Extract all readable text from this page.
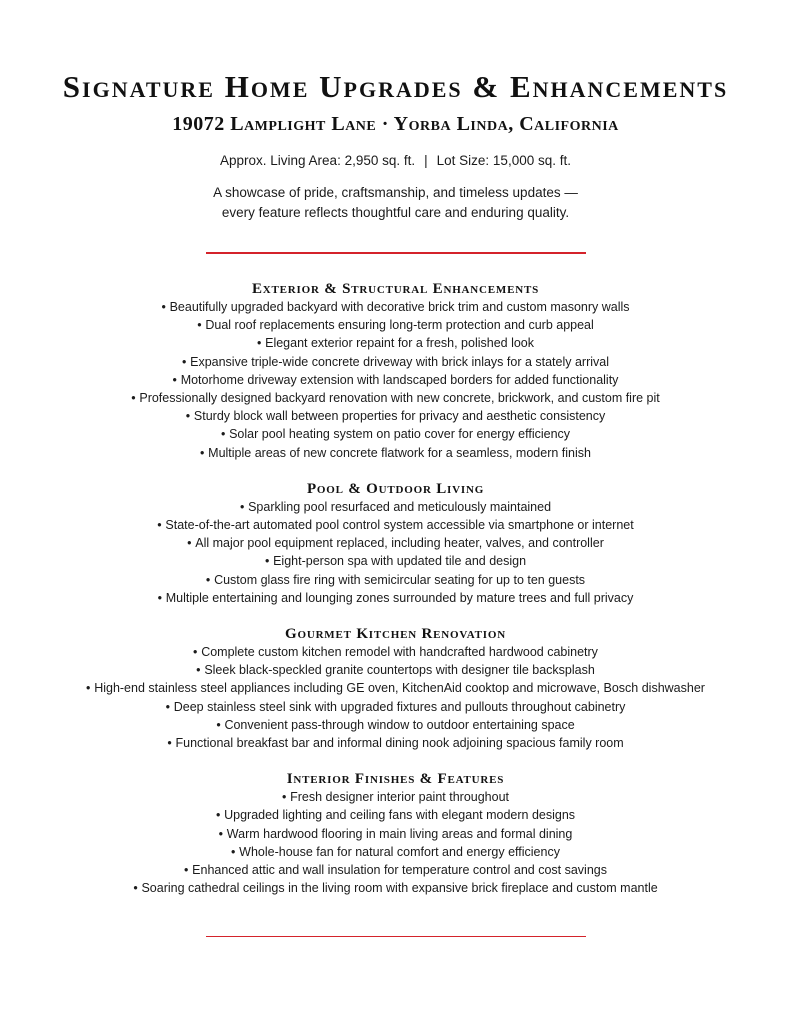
Signature Home Upgrades & Enhancements
19072 Lamplight Lane · Yorba Linda, California
Approx. Living Area: 2,950 sq. ft. | Lot Size: 15,000 sq. ft.
A showcase of pride, craftsmanship, and timeless updates —
every feature reflects thoughtful care and enduring quality.
Exterior & Structural Enhancements
• Beautifully upgraded backyard with decorative brick trim and custom masonry walls
• Dual roof replacements ensuring long-term protection and curb appeal
• Elegant exterior repaint for a fresh, polished look
• Expansive triple-wide concrete driveway with brick inlays for a stately arrival
• Motorhome driveway extension with landscaped borders for added functionality
• Professionally designed backyard renovation with new concrete, brickwork, and custom fire pit
• Sturdy block wall between properties for privacy and aesthetic consistency
• Solar pool heating system on patio cover for energy efficiency
• Multiple areas of new concrete flatwork for a seamless, modern finish
Pool & Outdoor Living
• Sparkling pool resurfaced and meticulously maintained
• State-of-the-art automated pool control system accessible via smartphone or internet
• All major pool equipment replaced, including heater, valves, and controller
• Eight-person spa with updated tile and design
• Custom glass fire ring with semicircular seating for up to ten guests
• Multiple entertaining and lounging zones surrounded by mature trees and full privacy
Gourmet Kitchen Renovation
• Complete custom kitchen remodel with handcrafted hardwood cabinetry
• Sleek black-speckled granite countertops with designer tile backsplash
• High-end stainless steel appliances including GE oven, KitchenAid cooktop and microwave, Bosch dishwasher
• Deep stainless steel sink with upgraded fixtures and pullouts throughout cabinetry
• Convenient pass-through window to outdoor entertaining space
• Functional breakfast bar and informal dining nook adjoining spacious family room
Interior Finishes & Features
• Fresh designer interior paint throughout
• Upgraded lighting and ceiling fans with elegant modern designs
• Warm hardwood flooring in main living areas and formal dining
• Whole-house fan for natural comfort and energy efficiency
• Enhanced attic and wall insulation for temperature control and cost savings
• Soaring cathedral ceilings in the living room with expansive brick fireplace and custom mantle
